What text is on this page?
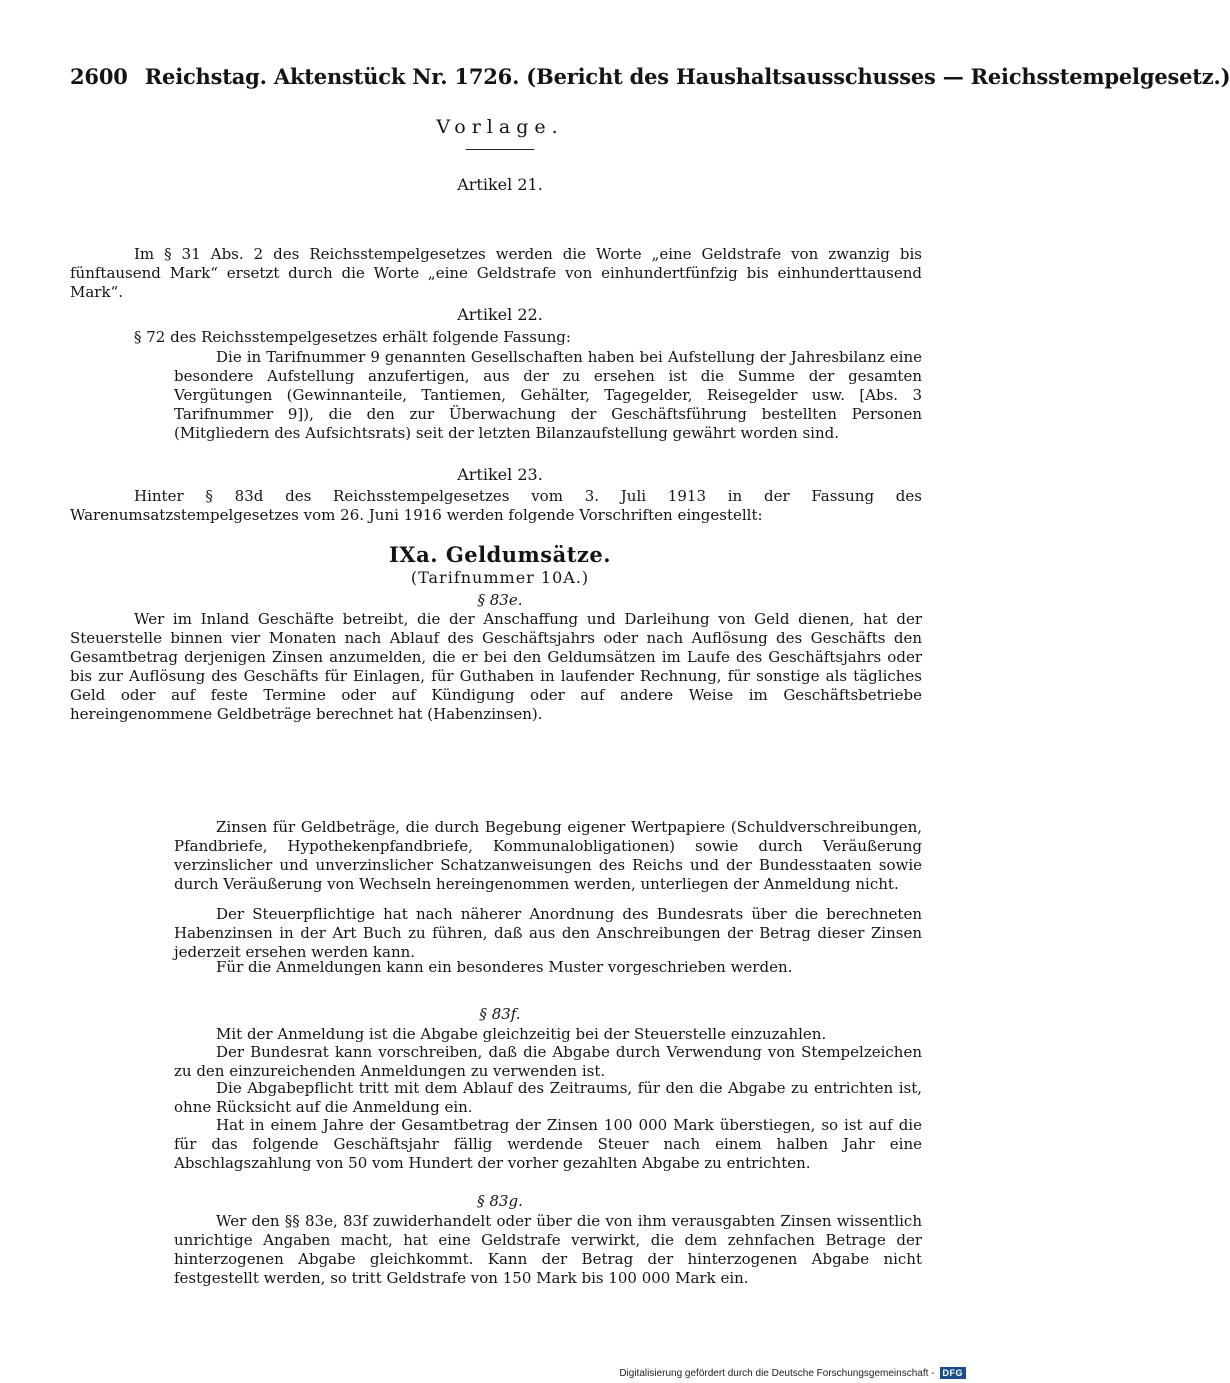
2600 Reichstag. Aktenstück Nr. 1726. (Bericht des Haushaltsausschusses — Reichsstempelgesetz.)
Vorlage.
Artikel 21.

Im § 31 Abs. 2 des Reichsstempelgesetzes werden die Worte „eine Geldstrafe von zwanzig bis fünftausend Mark“ ersetzt durch die Worte „eine Geldstrafe von einhundertfünfzig bis einhunderttausend Mark“.

Artikel 22.

§ 72 des Reichsstempelgesetzes erhält folgende Fassung:

Die in Tarifnummer 9 genannten Gesellschaften haben bei Aufstellung der Jahresbilanz eine besondere Aufstellung anzufertigen, aus der zu ersehen ist die Summe der gesamten Vergütungen (Gewinnanteile, Tantiemen, Gehälter, Tagegelder, Reisegelder usw. [Abs. 3 Tarifnummer 9]), die den zur Überwachung der Geschäftsführung bestellten Personen (Mitgliedern des Aufsichtsrats) seit der letzten Bilanzaufstellung gewährt worden sind.

Artikel 23.

Hinter § 83d des Reichsstempelgesetzes vom 3. Juli 1913 in der Fassung des Warenumsatzstempelgesetzes vom 26. Juni 1916 werden folgende Vorschriften eingestellt:

IXa. Geldumsätze.
(Tarifnummer 10A.)
§ 83e.

Wer im Inland Geschäfte betreibt, die der Anschaffung und Darleihung von Geld dienen, hat der Steuerstelle binnen vier Monaten nach Ablauf des Geschäftsjahrs oder nach Auflösung des Geschäfts den Gesamtbetrag derjenigen Zinsen anzumelden, die er bei den Geldumsätzen im Laufe des Geschäftsjahrs oder bis zur Auflösung des Geschäfts für Einlagen, für Guthaben in laufender Rechnung, für sonstige als tägliches Geld oder auf feste Termine oder auf Kündigung oder auf andere Weise im Geschäftsbetriebe hereingenommene Geldbeträge berechnet hat (Habenzinsen).

Zinsen für Geldbeträge, die durch Begebung eigener Wertpapiere (Schuldverschreibungen, Pfandbriefe, Hypothekenpfandbriefe, Kommunalobligationen) sowie durch Veräußerung verzinslicher und unverzinslicher Schatzanweisungen des Reichs und der Bundesstaaten sowie durch Veräußerung von Wechseln hereingenommen werden, unterliegen der Anmeldung nicht.

Der Steuerpflichtige hat nach näherer Anordnung des Bundesrats über die berechneten Habenzinsen in der Art Buch zu führen, daß aus den Anschreibungen der Betrag dieser Zinsen jederzeit ersehen werden kann.

Für die Anmeldungen kann ein besonderes Muster vorgeschrieben werden.

§ 83f.

Mit der Anmeldung ist die Abgabe gleichzeitig bei der Steuerstelle einzuzahlen.

Der Bundesrat kann vorschreiben, daß die Abgabe durch Verwendung von Stempelzeichen zu den einzureichenden Anmeldungen zu verwenden ist.

Die Abgabepflicht tritt mit dem Ablauf des Zeitraums, für den die Abgabe zu entrichten ist, ohne Rücksicht auf die Anmeldung ein.

Hat in einem Jahre der Gesamtbetrag der Zinsen 100 000 Mark überstiegen, so ist auf die für das folgende Geschäftsjahr fällig werdende Steuer nach einem halben Jahr eine Abschlagszahlung von 50 vom Hundert der vorher gezahlten Abgabe zu entrichten.

§ 83g.

Wer den §§ 83e, 83f zuwiderhandelt oder über die von ihm verausgabten Zinsen wissentlich unrichtige Angaben macht, hat eine Geldstrafe verwirkt, die dem zehnfachen Betrage der hinterzogenen Abgabe gleichkommt. Kann der Betrag der hinterzogenen Abgabe nicht festgestellt werden, so tritt Geldstrafe von 150 Mark bis 100 000 Mark ein.

Digitalisierung gefördert durch die Deutsche Forschungsgemeinschaft - DFG
